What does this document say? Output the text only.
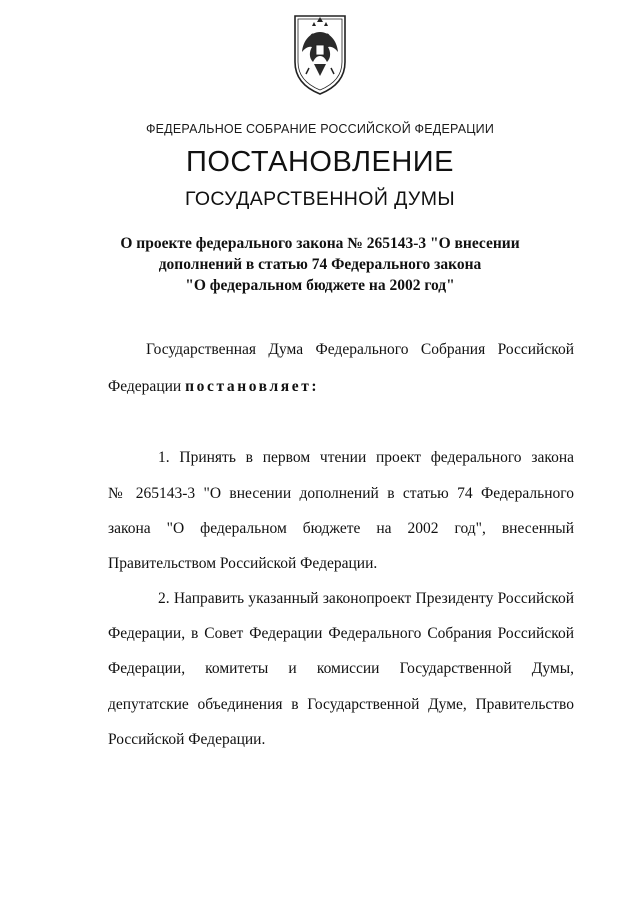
ФЕДЕРАЛЬНОЕ СОБРАНИЕ РОССИЙСКОЙ ФЕДЕРАЦИИ
ПОСТАНОВЛЕНИЕ
ГОСУДАРСТВЕННОЙ ДУМЫ
О проекте федерального закона № 265143-3 "О внесении
дополнений в статью 74 Федерального закона
"О федеральном бюджете на 2002 год"
Государственная Дума Федерального Собрания Российской
Федерации постановляет:
1. Принять в первом чтении проект федерального закона
№ 265143-3 "О внесении дополнений в статью 74 Федерального
закона "О федеральном бюджете на 2002 год", внесенный
Правительством Российской Федерации.
2. Направить указанный законопроект Президенту Российской
Федерации, в Совет Федерации Федерального Собрания Российской
Федерации, комитеты и комиссии Государственной Думы,
депутатские объединения в Государственной Думе, Правительство
Российской Федерации.
